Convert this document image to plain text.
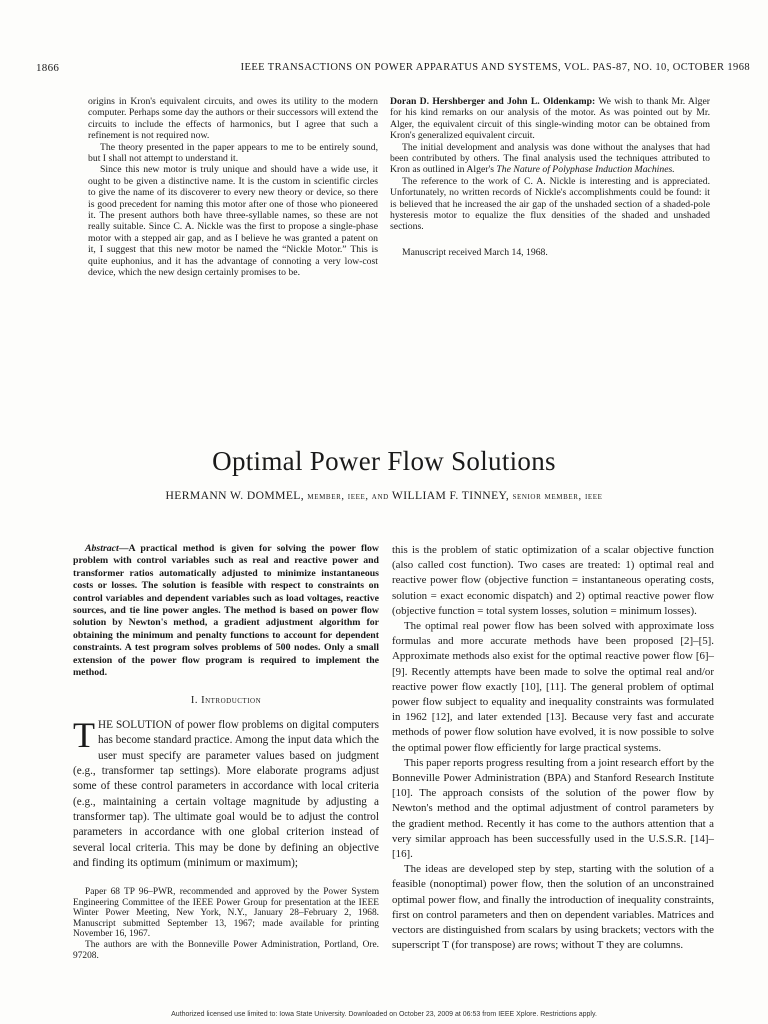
1866	IEEE TRANSACTIONS ON POWER APPARATUS AND SYSTEMS, VOL. PAS-87, NO. 10, OCTOBER 1968

origins in Kron's equivalent circuits, and owes its utility to the modern computer. Perhaps some day the authors or their successors will extend the circuits to include the effects of harmonics, but I agree that such a refinement is not required now.

The theory presented in the paper appears to me to be entirely sound, but I shall not attempt to understand it.

Since this new motor is truly unique and should have a wide use, it ought to be given a distinctive name. It is the custom in scientific circles to give the name of its discoverer to every new theory or device, so there is good precedent for naming this motor after one of those who pioneered it. The present authors both have three-syllable names, so these are not really suitable. Since C. A. Nickle was the first to propose a single-phase motor with a stepped air gap, and as I believe he was granted a patent on it, I suggest that this new motor be named the “Nickle Motor.” This is quite euphonius, and it has the advantage of connoting a very low-cost device, which the new design certainly promises to be.

Doran D. Hershberger and John L. Oldenkamp: We wish to thank Mr. Alger for his kind remarks on our analysis of the motor. As was pointed out by Mr. Alger, the equivalent circuit of this single-winding motor can be obtained from Kron's generalized equivalent circuit.

The initial development and analysis was done without the analyses that had been contributed by others. The final analysis used the techniques attributed to Kron as outlined in Alger's The Nature of Polyphase Induction Machines.

The reference to the work of C. A. Nickle is interesting and is appreciated. Unfortunately, no written records of Nickle's accomplishments could be found: it is believed that he increased the air gap of the unshaded section of a shaded-pole hysteresis motor to equalize the flux densities of the shaded and unshaded sections.

Manuscript received March 14, 1968.

Optimal Power Flow Solutions
HERMANN W. DOMMEL, member, ieee, and WILLIAM F. TINNEY, senior member, ieee

Abstract—A practical method is given for solving the power flow problem with control variables such as real and reactive power and transformer ratios automatically adjusted to minimize instantaneous costs or losses. The solution is feasible with respect to constraints on control variables and dependent variables such as load voltages, reactive sources, and tie line power angles. The method is based on power flow solution by Newton's method, a gradient adjustment algorithm for obtaining the minimum and penalty functions to account for dependent constraints. A test program solves problems of 500 nodes. Only a small extension of the power flow program is required to implement the method.

I. Introduction

THE SOLUTION of power flow problems on digital computers has become standard practice. Among the input data which the user must specify are parameter values based on judgment (e.g., transformer tap settings). More elaborate programs adjust some of these control parameters in accordance with local criteria (e.g., maintaining a certain voltage magnitude by adjusting a transformer tap). The ultimate goal would be to adjust the control parameters in accordance with one global criterion instead of several local criteria. This may be done by defining an objective and finding its optimum (minimum or maximum);

Paper 68 TP 96–PWR, recommended and approved by the Power System Engineering Committee of the IEEE Power Group for presentation at the IEEE Winter Power Meeting, New York, N.Y., January 28–February 2, 1968. Manuscript submitted September 13, 1967; made available for printing November 16, 1967.

The authors are with the Bonneville Power Administration, Portland, Ore. 97208.

this is the problem of static optimization of a scalar objective function (also called cost function). Two cases are treated: 1) optimal real and reactive power flow (objective function = instantaneous operating costs, solution = exact economic dispatch) and 2) optimal reactive power flow (objective function = total system losses, solution = minimum losses).

The optimal real power flow has been solved with approximate loss formulas and more accurate methods have been proposed [2]–[5]. Approximate methods also exist for the optimal reactive power flow [6]–[9]. Recently attempts have been made to solve the optimal real and/or reactive power flow exactly [10], [11]. The general problem of optimal power flow subject to equality and inequality constraints was formulated in 1962 [12], and later extended [13]. Because very fast and accurate methods of power flow solution have evolved, it is now possible to solve the optimal power flow efficiently for large practical systems.

This paper reports progress resulting from a joint research effort by the Bonneville Power Administration (BPA) and Stanford Research Institute [10]. The approach consists of the solution of the power flow by Newton's method and the optimal adjustment of control parameters by the gradient method. Recently it has come to the authors attention that a very similar approach has been successfully used in the U.S.S.R. [14]–[16].

The ideas are developed step by step, starting with the solution of a feasible (nonoptimal) power flow, then the solution of an unconstrained optimal power flow, and finally the introduction of inequality constraints, first on control parameters and then on dependent variables. Matrices and vectors are distinguished from scalars by using brackets; vectors with the superscript T (for transpose) are rows; without T they are columns.

Authorized licensed use limited to: Iowa State University. Downloaded on October 23, 2009 at 06:53 from IEEE Xplore. Restrictions apply.
